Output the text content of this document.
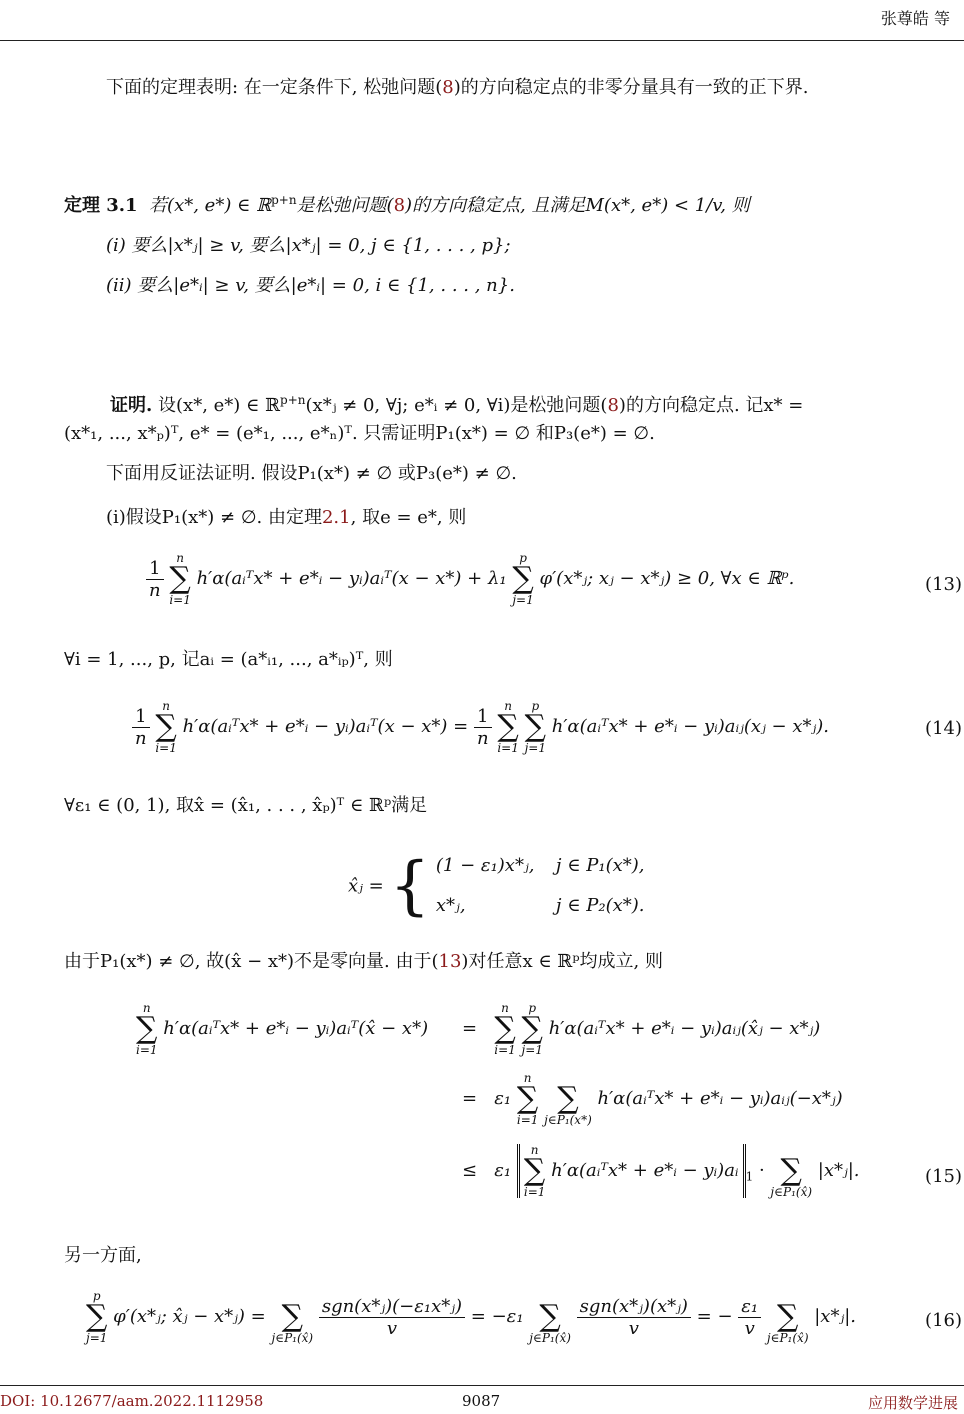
张尊皓 等
下面的定理表明: 在一定条件下, 松弛问题(8)的方向稳定点的非零分量具有一致的正下界.
定理 3.1 若(x*, e*) ∈ ℝ$^{p+n}$是松弛问题(8)的方向稳定点, 且满足M(x*, e*) < 1/v, 则
(i) 要么|x*ⱼ| ≥ v, 要么|x*ⱼ| = 0, j ∈ {1, . . . , p};
(ii) 要么|e*ᵢ| ≥ v, 要么|e*ᵢ| = 0, i ∈ {1, . . . , n}.
证明. 设(x*, e*) ∈ ℝ$^{p+n}$(x*ⱼ ≠ 0, ∀j; e*ᵢ ≠ 0, ∀i)是松弛问题(8)的方向稳定点. 记x* =
(x*₁, ..., x*ₚ)ᵀ, e* = (e*₁, ..., e*ₙ)ᵀ. 只需证明P₁(x*) = ∅ 和P₃(e*) = ∅.
下面用反证法证明. 假设P₁(x*) ≠ ∅ 或P₃(e*) ≠ ∅.
(i)假设P₁(x*) ≠ ∅. 由定理2.1, 取e = e*, 则
$\frac{1}{n}$
	n
∑
i=1
h′α(aᵢᵀx* + e*ᵢ − yᵢ)aᵢᵀ(x − x*) + λ₁
p
∑
j=1
φ′(x*ⱼ; xⱼ − x*ⱼ) ≥ 0, ∀x ∈ ℝᵖ.	(13)
∀i = 1, ..., p, 记aᵢ = (a*ᵢ₁, ..., a*ᵢₚ)ᵀ, 则
$\frac{1}{n}$
	n
∑
i=1
h′α(aᵢᵀx* + e*ᵢ − yᵢ)aᵢᵀ(x − $x*) = \frac{1}{n}$
	n
∑
i=1

p
∑
j=1
h′α(aᵢᵀx* + e*ᵢ − yᵢ)aᵢⱼ(xⱼ − x*ⱼ).	(14)
∀ε₁ ∈ (0, 1), 取x̂ = (x̂₁, . . . , x̂ₚ)ᵀ ∈ ℝᵖ满足
x̂ⱼ = { (1 − ε₁)x*ⱼ, j ∈ P₁(x*),
x*ⱼ,	j ∈ P₂(x*).
由于P₁(x*) ≠ ∅, 故(x̂ − x*)不是零向量. 由于(13)对任意x ∈ ℝᵖ均成立, 则
n
∑
i=1
h′α(aᵢᵀx* + e*ᵢ − yᵢ)aᵢᵀ(x̂ − x*) =
n
∑
i=1

p
∑
j=1
h′α(aᵢᵀx* + e*ᵢ − yᵢ)aᵢⱼ(x̂ⱼ − x*ⱼ)
= ε₁
n
∑
i=1

∑
j∈P₁(x*)
h′α(aᵢᵀx* + e*ᵢ − yᵢ)aᵢⱼ(−x*ⱼ)
≤ ε₁
n
∑
i=1
h′α(aᵢᵀx* + e*ᵢ − yᵢ)aᵢ $_1$ ·
∑
j∈P₁(x̂)
|x*ⱼ|.	(15)
另一方面,
p
∑
j=1
φ′(x*ⱼ; x̂ⱼ − x*ⱼ) =
∑
j∈P₁(x̂)
$\frac{\text{sgn(x*ⱼ)(−ε₁x*ⱼ)}}{v} = -\varepsilon_1$
∑
j∈P₁(x̂)
$\frac{\text{sgn(x*ⱼ)(x*ⱼ)}}{v}$ = − $\frac{\text{ε₁}}{v}$

∑
j∈P₁(x̂)
|x*ⱼ|.	(16)
DOI: 10.12677/aam.2022.1112958	9087	应用数学进展
